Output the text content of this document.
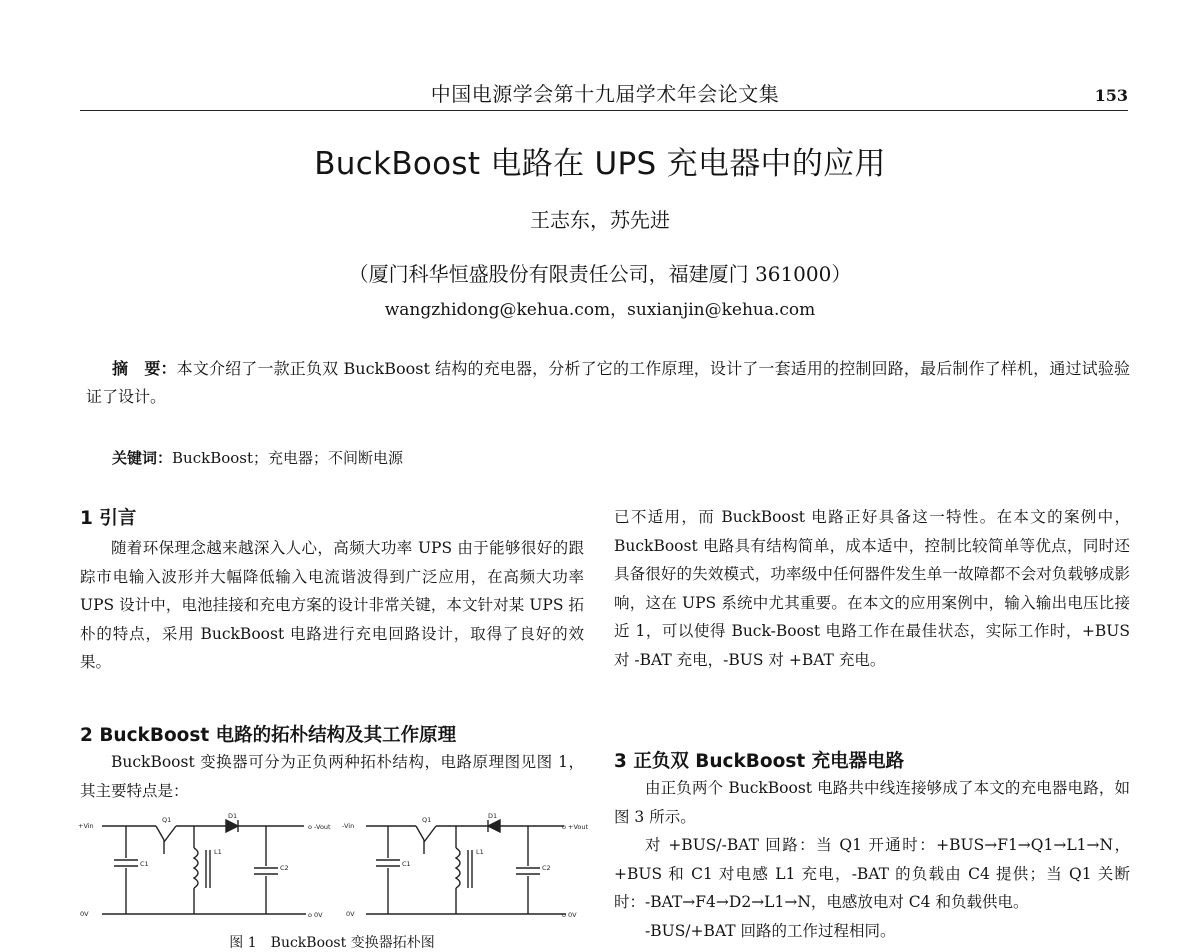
中国电源学会第十九届学术年会论文集	153
BuckBoost 电路在 UPS 充电器中的应用
王志东，苏先进
（厦门科华恒盛股份有限责任公司，福建厦门 361000）
wangzhidong@kehua.com，suxianjin@kehua.com
摘　要：本文介绍了一款正负双 BuckBoost 结构的充电器，分析了它的工作原理，设计了一套适用的控制回路，最后制作了样机，通过试验验证了设计。
关键词：BuckBoost；充电器；不间断电源
1 引言

随着环保理念越来越深入人心，高频大功率 UPS 由于能够很好的跟踪市电输入波形并大幅降低输入电流谐波得到广泛应用，在高频大功率 UPS 设计中，电池挂接和充电方案的设计非常关键，本文针对某 UPS 拓朴的特点，采用 BuckBoost 电路进行充电回路设计，取得了良好的效果。

2 BuckBoost 电路的拓朴结构及其工作原理

BuckBoost 变换器可分为正负两种拓朴结构，电路原理图见图 1，其主要特点是：

+Vin
0V
o -Vout
o 0V
Q1	D1
L1
C1	C2
-Vin
0V
o +Vout
o 0V
Q1	D1
L1
C1	C2
图 1　BuckBoost 变换器拓朴图

已不适用，而 BuckBoost 电路正好具备这一特性。在本文的案例中，BuckBoost 电路具有结构简单，成本适中，控制比较简单等优点，同时还具备很好的失效模式，功率级中任何器件发生单一故障都不会对负载够成影响，这在 UPS 系统中尤其重要。在本文的应用案例中，输入输出电压比接近 1，可以使得 Buck-Boost 电路工作在最佳状态，实际工作时，+BUS 对 -BAT 充电，-BUS 对 +BAT 充电。

3 正负双 BuckBoost 充电器电路

由正负两个 BuckBoost 电路共中线连接够成了本文的充电器电路，如图 3 所示。

对 +BUS/-BAT 回路：当 Q1 开通时：+BUS→F1→Q1→L1→N，+BUS 和 C1 对电感 L1 充电，-BAT 的负载由 C4 提供；当 Q1 关断时：-BAT→F4→D2→L1→N，电感放电对 C4 和负载供电。

-BUS/+BAT 回路的工作过程相同。
